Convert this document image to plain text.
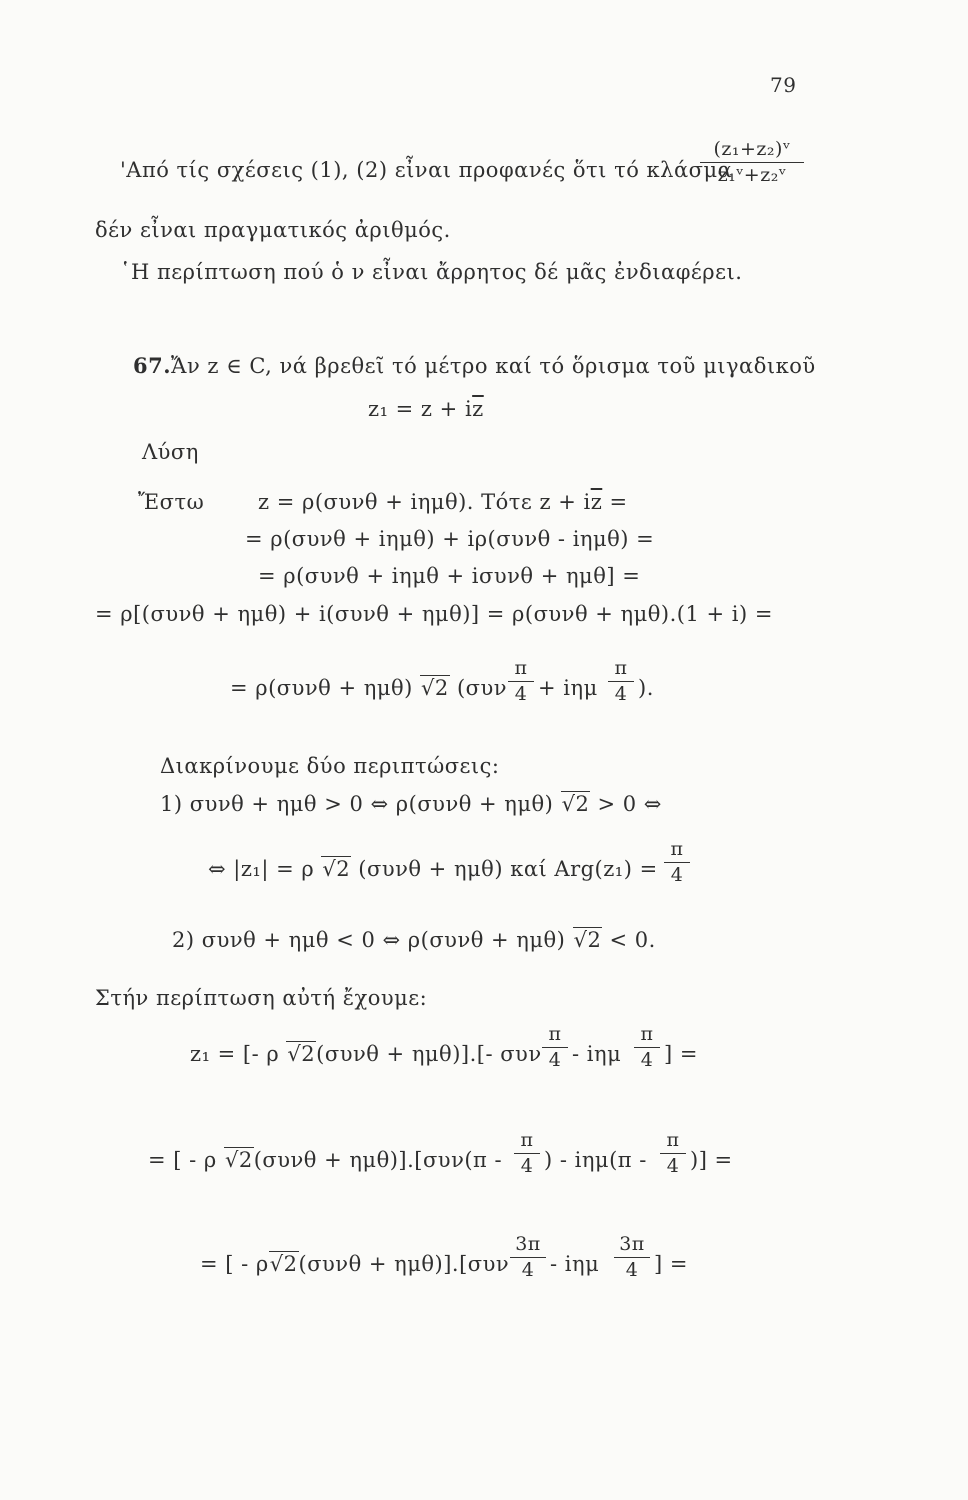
79
'Από τίς σχέσεις (1), (2) εἶναι προφανές ὅτι τό κλάσμα
(z₁+z₂)ᵛ
z₁ᵛ+z₂ᵛ
δέν εἶναι πραγματικός ἀριθμός.
῾Η περίπτωση πού ὁ ν εἶναι ἄρρητος δέ μᾶς ἐνδιαφέρει.
67.Ἄν z ∈ C, νά βρεθεῖ τό μέτρο καί τό ὅρισμα τοῦ μιγαδικοῦ
$z_1 = z + i\overline{z}$
Λύση
Ἔστω	z = ρ(συνθ + iημθ). Τότε $z + i\overline{z}$ =
= ρ(συνθ + iημθ) + iρ(συνθ - iημθ) =
= ρ(συνθ + iημθ + iσυνθ + ημθ] =
= ρ[(συνθ + ημθ) + i(συνθ + ημθ)] = ρ(συνθ + ημθ).(1 + i) =
= ρ(συνθ + ημθ) √2 (συν
π
4 + iημ
π
4 ).
Διακρίνουμε δύο περιπτώσεις:
1) συνθ + ημθ > 0 ⇔ ρ(συνθ + ημθ) √2 > 0 ⇔
⇔ |z₁| = ρ √2 (συνθ + ημθ) καί Arg(z₁) =
π
4
2) συνθ + ημθ < 0 ⇔ ρ(συνθ + ημθ) √2 < 0.
Στήν περίπτωση αὐτή ἔχουμε:
z₁ = [- ρ √2(συνθ + ημθ)].[- συν
π
4 - iημ
π
4 ] =
= [ - ρ √2(συνθ + ημθ)].[συν(π -
π
4 ) - iημ(π -
π
4 )] =
= [ - ρ√2(συνθ + ημθ)].[συν
3π
4 - iημ
3π
4 ] =
